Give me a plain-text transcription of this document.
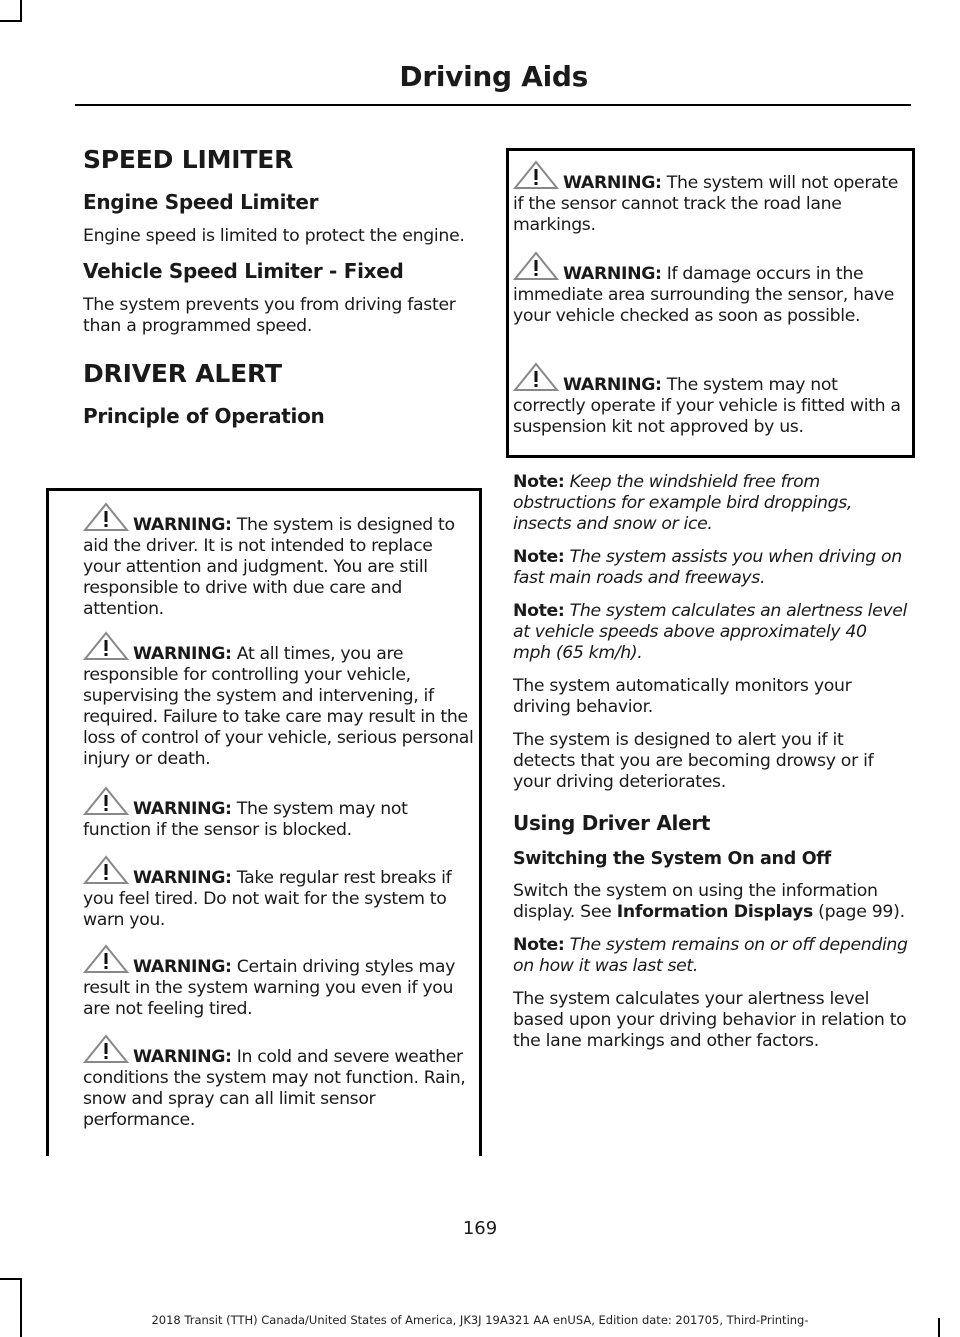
Driving Aids
SPEED LIMITER
Engine Speed Limiter
Engine speed is limited to protect the engine.
Vehicle Speed Limiter - Fixed
The system prevents you from driving faster than a programmed speed.
DRIVER ALERT
Principle of Operation
WARNING: The system is designed to aid the driver. It is not intended to replace your attention and judgment. You are still responsible to drive with due care and attention.
WARNING: At all times, you are responsible for controlling your vehicle, supervising the system and intervening, if required. Failure to take care may result in the loss of control of your vehicle, serious personal injury or death.
WARNING: The system may not function if the sensor is blocked.
WARNING: Take regular rest breaks if you feel tired. Do not wait for the system to warn you.
WARNING: Certain driving styles may result in the system warning you even if you are not feeling tired.
WARNING: In cold and severe weather conditions the system may not function. Rain, snow and spray can all limit sensor performance.
WARNING: The system will not operate if the sensor cannot track the road lane markings.
WARNING: If damage occurs in the immediate area surrounding the sensor, have your vehicle checked as soon as possible.
WARNING: The system may not correctly operate if your vehicle is fitted with a suspension kit not approved by us.
Note: Keep the windshield free from obstructions for example bird droppings, insects and snow or ice.
Note: The system assists you when driving on fast main roads and freeways.
Note: The system calculates an alertness level at vehicle speeds above approximately 40 mph (65 km/h).
The system automatically monitors your driving behavior.
The system is designed to alert you if it detects that you are becoming drowsy or if your driving deteriorates.
Using Driver Alert
Switching the System On and Off
Switch the system on using the information display. See Information Displays (page 99).
Note: The system remains on or off depending on how it was last set.
The system calculates your alertness level based upon your driving behavior in relation to the lane markings and other factors.
169
2018 Transit (TTH) Canada/United States of America, JK3J 19A321 AA enUSA, Edition date: 201705, Third-Printing-
